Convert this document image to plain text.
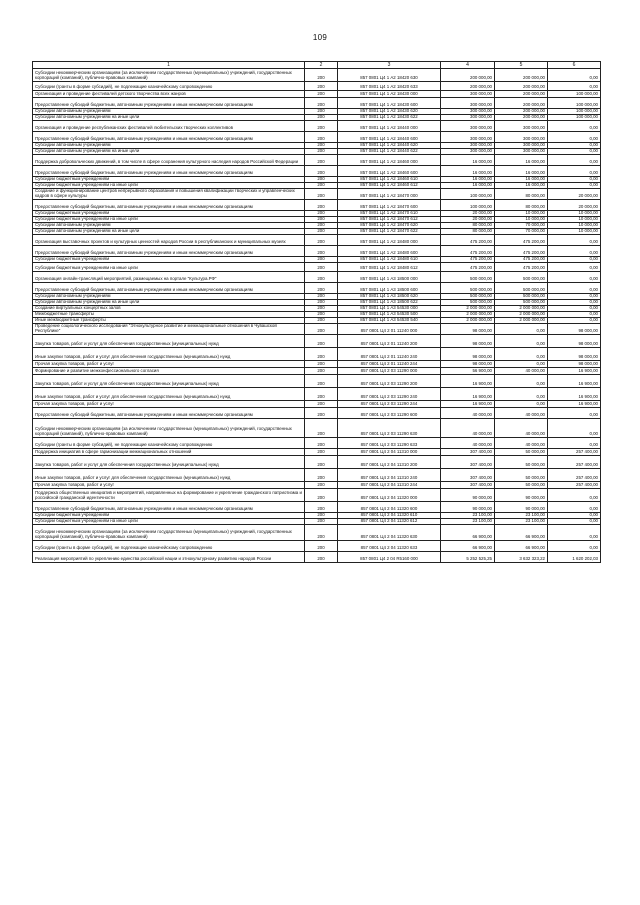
109
1	2	3	4	5	6
Субсидии некоммерческим организациям (за исключением государственных (муниципальных) учреждений, государственных корпораций (компаний), публично-правовых компаний)	200	857 0801 Ц4 1 А2 18420 630	200 000,00	200 000,00	0,00
Субсидии (гранты в форме субсидий), не подлежащие казначейскому сопровождению	200	857 0801 Ц4 1 А2 18420 633	200 000,00	200 000,00	0,00
Организация и проведение фестивалей детского творчества всех жанров	200	857 0801 Ц4 1 А2 18430 000	300 000,00	200 000,00	100 000,00
Предоставление субсидий бюджетным, автономным учреждениям и иным некоммерческим организациям	200	857 0801 Ц4 1 А2 18430 600	300 000,00	200 000,00	100 000,00
Субсидии автономным учреждениям	200	857 0801 Ц4 1 А2 18430 620	300 000,00	200 000,00	100 000,00
Субсидии автономным учреждениям на иные цели	200	857 0801 Ц4 1 А2 18430 622	300 000,00	200 000,00	100 000,00
Организация и проведение республиканских фестивалей любительских творческих коллективов	200	857 0801 Ц4 1 А2 18440 000	300 000,00	300 000,00	0,00
Предоставление субсидий бюджетным, автономным учреждениям и иным некоммерческим организациям	200	857 0801 Ц4 1 А2 18440 600	300 000,00	300 000,00	0,00
Субсидии автономным учреждениям	200	857 0801 Ц4 1 А2 18440 620	300 000,00	300 000,00	0,00
Субсидии автономным учреждениям на иные цели	200	857 0801 Ц4 1 А2 18440 622	300 000,00	300 000,00	0,00
Поддержка добровольческих движений, в том числе в сфере сохранения культурного наследия народов Российской Федерации	200	857 0801 Ц4 1 А2 18460 000	16 000,00	16 000,00	0,00
Предоставление субсидий бюджетным, автономным учреждениям и иным некоммерческим организациям	200	857 0801 Ц4 1 А2 18460 600	16 000,00	16 000,00	0,00
Субсидии бюджетным учреждениям	200	857 0801 Ц4 1 А2 18460 610	16 000,00	16 000,00	0,00
Субсидии бюджетным учреждениям на иные цели	200	857 0801 Ц4 1 А2 18460 612	16 000,00	16 000,00	0,00
Создание и функционирование центров непрерывного образования и повышения квалификации творческих и управленческих кадров в сфере культуры	200	857 0801 Ц4 1 А2 18470 000	100 000,00	80 000,00	20 000,00
Предоставление субсидий бюджетным, автономным учреждениям и иным некоммерческим организациям	200	857 0801 Ц4 1 А2 18470 600	100 000,00	80 000,00	20 000,00
Субсидии бюджетным учреждениям	200	857 0801 Ц4 1 А2 18470 610	20 000,00	10 000,00	10 000,00
Субсидии бюджетным учреждениям на иные цели	200	857 0801 Ц4 1 А2 18470 612	20 000,00	10 000,00	10 000,00
Субсидии автономным учреждениям	200	857 0801 Ц4 1 А2 18470 620	80 000,00	70 000,00	10 000,00
Субсидии автономным учреждениям на иные цели	200	857 0801 Ц4 1 А2 18470 622	80 000,00	70 000,00	10 000,00
Организация выставочных проектов и культурных ценностей народов России в республиканских и муниципальных музеях	200	857 0801 Ц4 1 А2 18480 000	475 200,00	475 200,00	0,00
Предоставление субсидий бюджетным, автономным учреждениям и иным некоммерческим организациям	200	857 0801 Ц4 1 А2 18480 600	475 200,00	475 200,00	0,00
Субсидии бюджетным учреждениям	200	857 0801 Ц4 1 А2 18480 610	475 200,00	475 200,00	0,00
Субсидии бюджетным учреждениям на иные цели	200	857 0801 Ц4 1 А2 18480 612	475 200,00	475 200,00	0,00
Организация онлайн-трансляций мероприятий, размещаемых на портале "Культура.РФ"	200	857 0801 Ц4 1 А3 18500 000	500 000,00	500 000,00	0,00
Предоставление субсидий бюджетным, автономным учреждениям и иным некоммерческим организациям	200	857 0801 Ц4 1 А3 18500 600	500 000,00	500 000,00	0,00
Субсидии автономным учреждениям	200	857 0801 Ц4 1 А3 18500 620	500 000,00	500 000,00	0,00
Субсидии автономным учреждениям на иные цели	200	857 0801 Ц4 1 А3 18500 622	500 000,00	500 000,00	0,00
Создание виртуальных концертных залов	200	857 0801 Ц4 1 А3 54530 000	2 000 000,00	2 000 000,00	0,00
Межбюджетные трансферты	200	857 0801 Ц4 1 А3 54530 500	2 000 000,00	2 000 000,00	0,00
Иные межбюджетные трансферты	200	857 0801 Ц4 1 А3 54530 540	2 000 000,00	2 000 000,00	0,00
Проведение социологического исследования "Этнокультурное развитие и межнациональные отношения в Чувашской Республике"	200	857 0801 Ц4 2 01 11240 000	98 000,00	0,00	98 000,00
Закупка товаров, работ и услуг для обеспечения государственных (муниципальных) нужд	200	857 0801 Ц4 2 01 11240 200	98 000,00	0,00	98 000,00
Иные закупки товаров, работ и услуг для обеспечения государственных (муниципальных) нужд	200	857 0801 Ц4 2 01 11240 240	98 000,00	0,00	98 000,00
Прочая закупка товаров, работ и услуг	200	857 0801 Ц4 2 01 11240 244	98 000,00	0,00	98 000,00
Формирование и развитие межконфессионального согласия	200	857 0801 Ц4 2 03 11290 000	56 900,00	40 000,00	16 900,00
Закупка товаров, работ и услуг для обеспечения государственных (муниципальных) нужд	200	857 0801 Ц4 2 03 11290 200	16 900,00	0,00	16 900,00
Иные закупки товаров, работ и услуг для обеспечения государственных (муниципальных) нужд	200	857 0801 Ц4 2 03 11290 240	16 900,00	0,00	16 900,00
Прочая закупка товаров, работ и услуг	200	857 0801 Ц4 2 03 11290 244	16 900,00	0,00	16 900,00
Предоставление субсидий бюджетным, автономным учреждениям и иным некоммерческим организациям	200	857 0801 Ц4 2 03 11290 600	40 000,00	40 000,00	0,00
Субсидии некоммерческим организациям (за исключением государственных (муниципальных) учреждений, государственных корпораций (компаний), публично-правовых компаний)	200	857 0801 Ц4 2 03 11290 630	40 000,00	40 000,00	0,00
Субсидии (гранты в форме субсидий), не подлежащие казначейскому сопровождению	200	857 0801 Ц4 2 03 11290 633	40 000,00	40 000,00	0,00
Поддержка инициатив в сфере гармонизации межнациональных отношений	200	857 0801 Ц4 2 04 11310 000	307 400,00	50 000,00	257 400,00
Закупка товаров, работ и услуг для обеспечения государственных (муниципальных) нужд	200	857 0801 Ц4 2 04 11310 200	307 400,00	50 000,00	257 400,00
Иные закупки товаров, работ и услуг для обеспечения государственных (муниципальных) нужд	200	857 0801 Ц4 2 04 11310 240	307 400,00	50 000,00	257 400,00
Прочая закупка товаров, работ и услуг	200	857 0801 Ц4 2 04 11310 244	307 400,00	50 000,00	257 400,00
Поддержка общественных инициатив и мероприятий, направленных на формирование и укрепление гражданского патриотизма и российской гражданской идентичности	200	857 0801 Ц4 2 04 11320 000	90 000,00	90 000,00	0,00
Предоставление субсидий бюджетным, автономным учреждениям и иным некоммерческим организациям	200	857 0801 Ц4 2 04 11320 600	90 000,00	90 000,00	0,00
Субсидии бюджетным учреждениям	200	857 0801 Ц4 2 04 11320 610	23 100,00	23 100,00	0,00
Субсидии бюджетным учреждениям на иные цели	200	857 0801 Ц4 2 04 11320 612	23 100,00	23 100,00	0,00
Субсидии некоммерческим организациям (за исключением государственных (муниципальных) учреждений, государственных корпораций (компаний), публично-правовых компаний)	200	857 0801 Ц4 2 04 11320 630	66 900,00	66 900,00	0,00
Субсидии (гранты в форме субсидий), не подлежащие казначейскому сопровождению	200	857 0801 Ц4 2 04 11320 633	66 900,00	66 900,00	0,00
Реализация мероприятий по укреплению единства российской нации и этнокультурному развитию народов России	200	857 0801 Ц4 2 04 R5160 000	5 252 525,25	3 632 323,22	1 620 202,03
